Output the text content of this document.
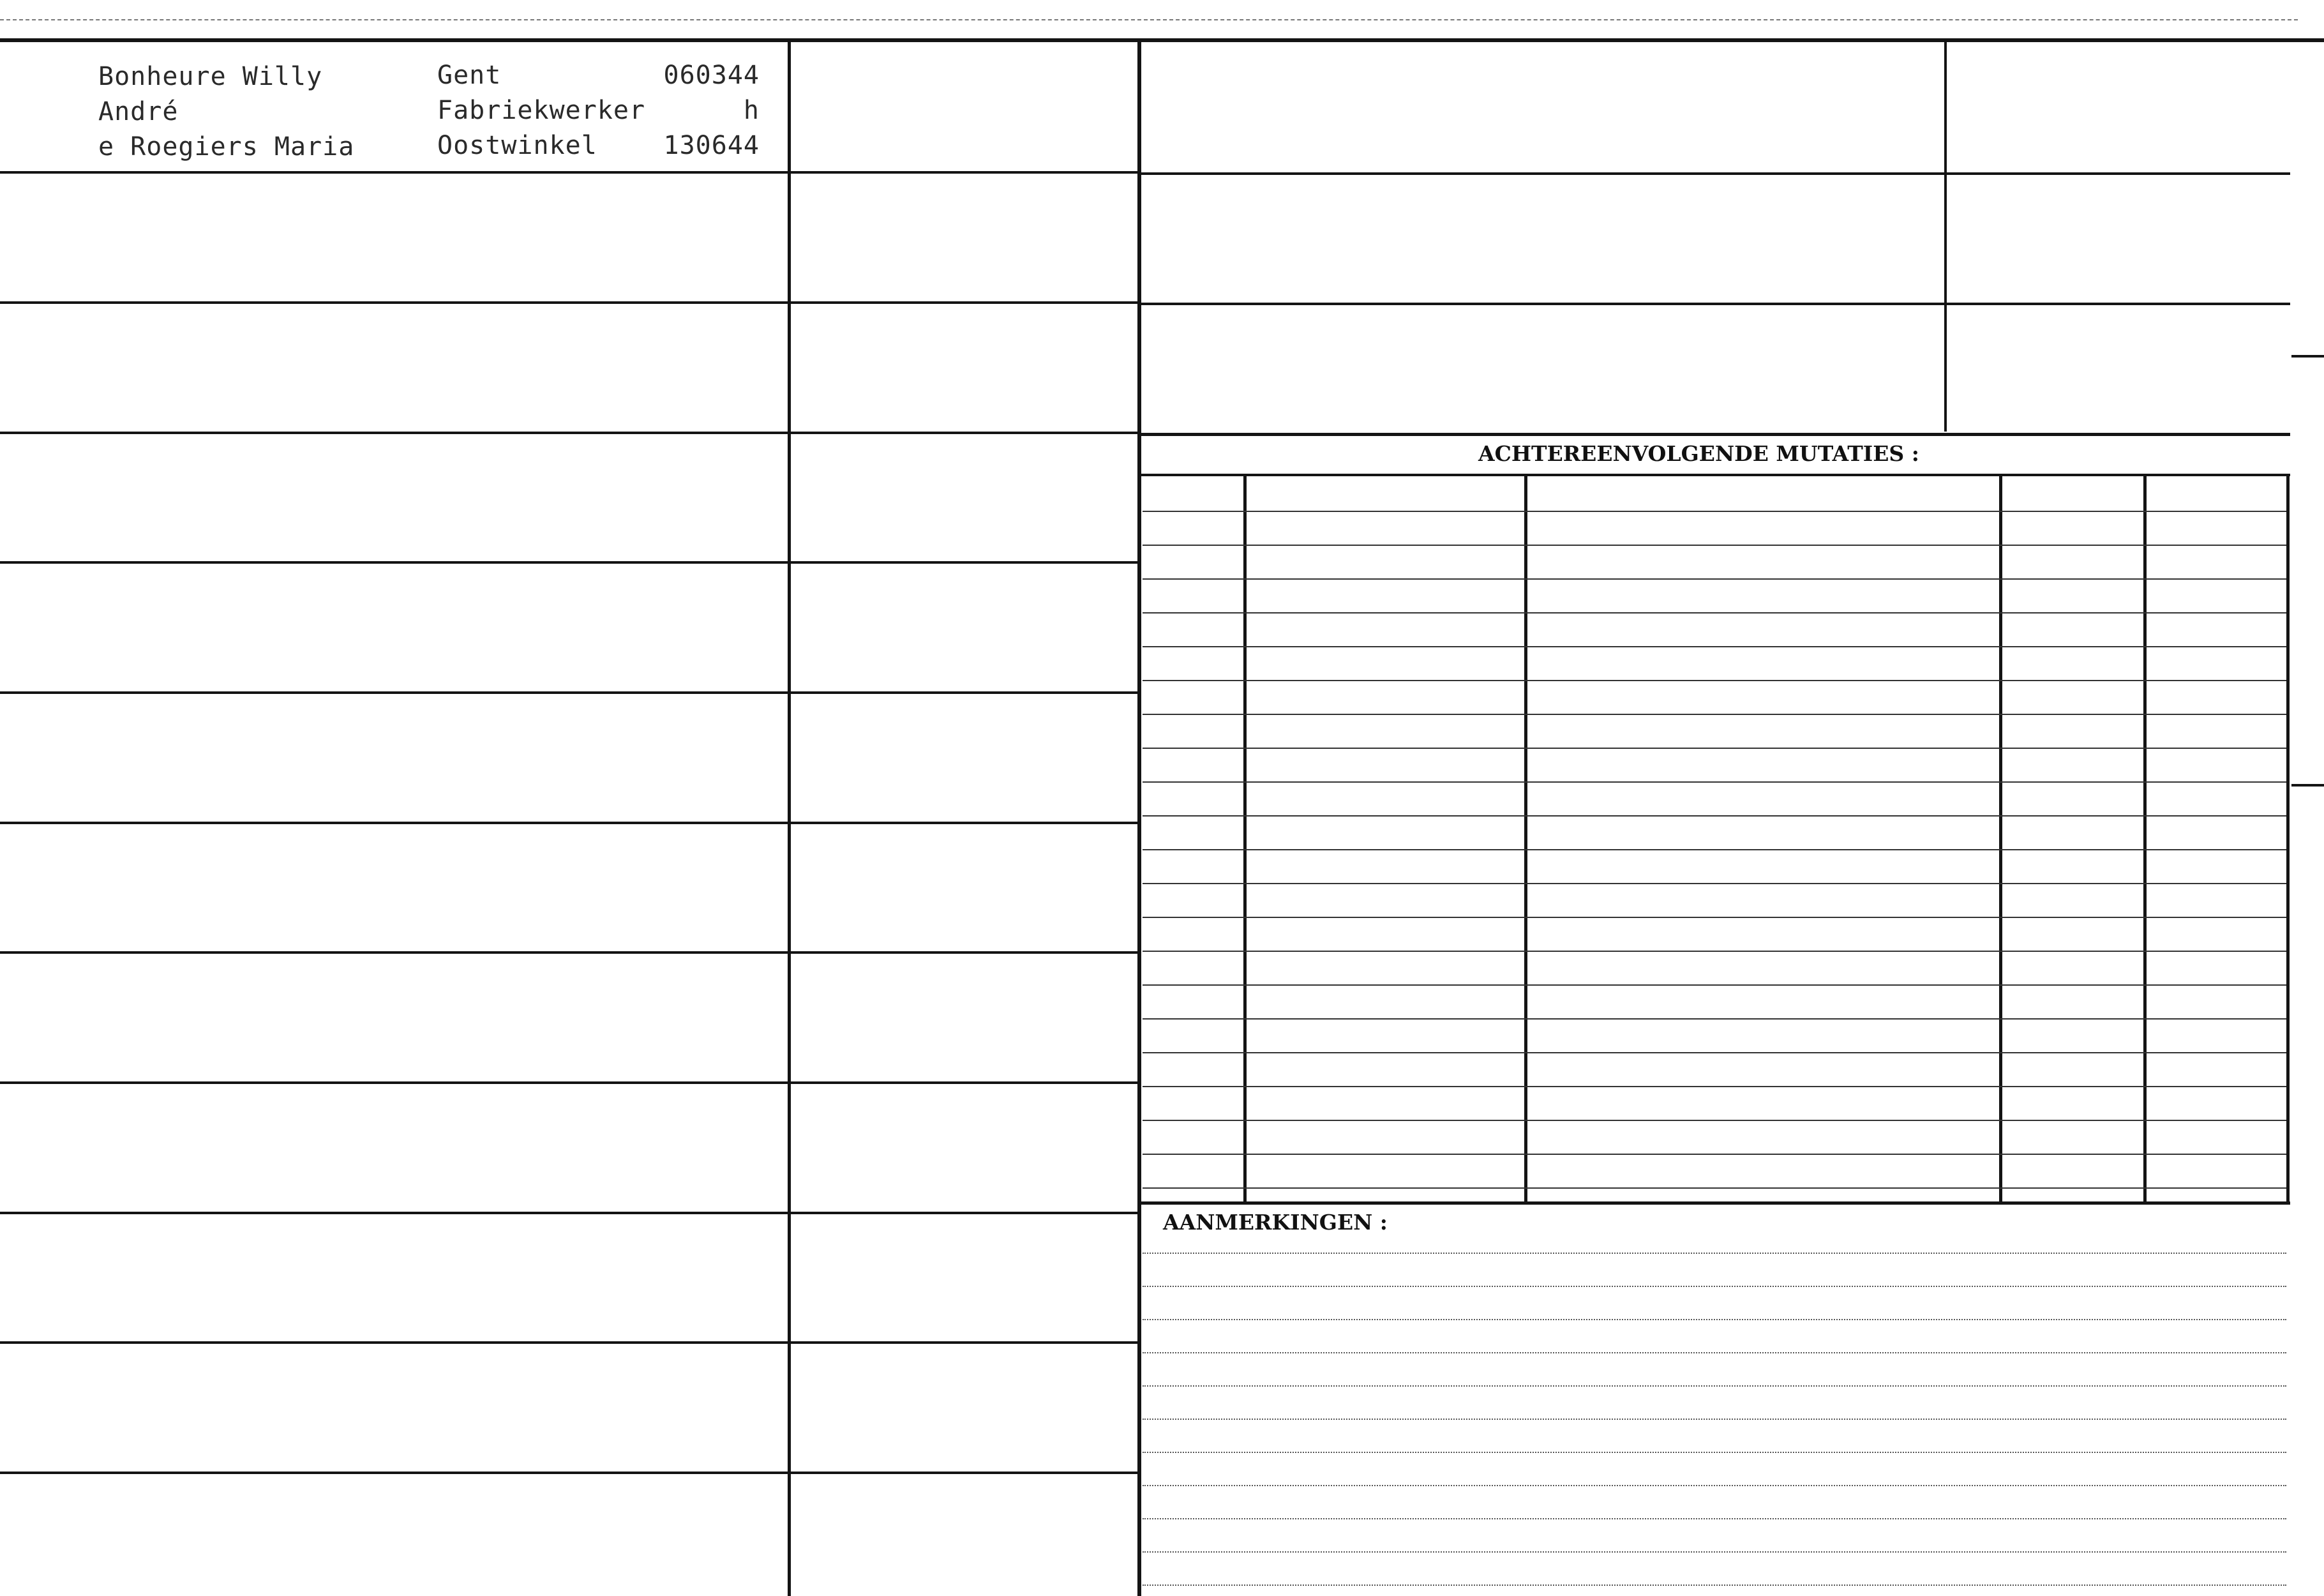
Bonheure Willy
André
e Roegiers Maria
Gent
Fabriekwerker
Oostwinkel
060344
h
130644
ACHTEREENVOLGENDE MUTATIES :
AANMERKINGEN :
